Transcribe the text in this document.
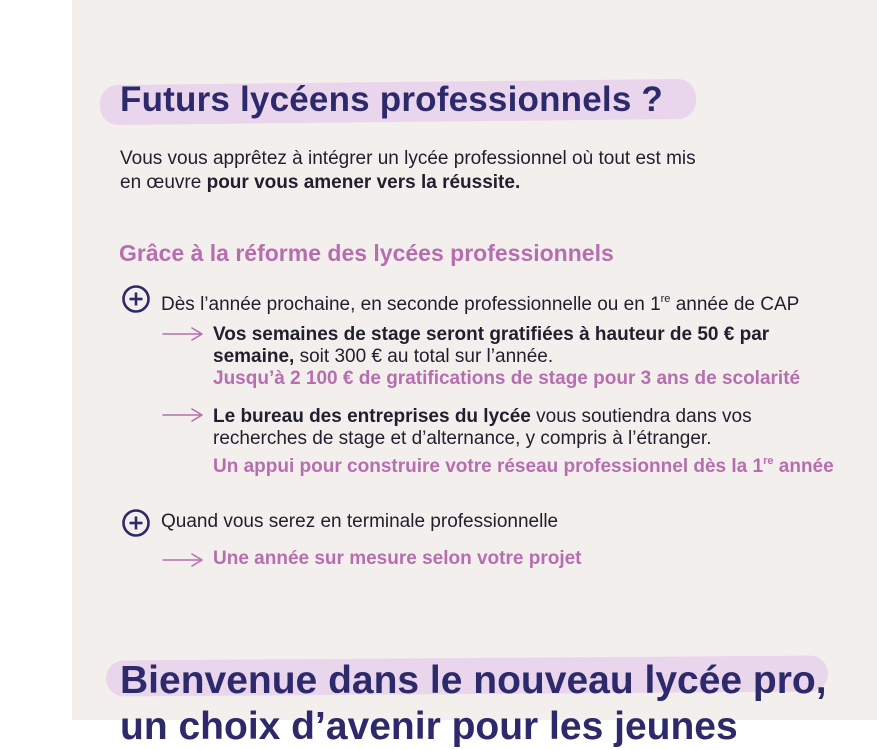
Futurs lycéens professionnels ?

Vous vous apprêtez à intégrer un lycée professionnel où tout est mis
en œuvre pour vous amener vers la réussite.

Grâce à la réforme des lycées professionnels
Dès l’année prochaine, en seconde professionnelle ou en 1re année de CAP
Vos semaines de stage seront gratifiées à hauteur de 50 € par semaine, soit 300 € au total sur l’année.
Jusqu’à 2 100 € de gratifications de stage pour 3 ans de scolarité
Le bureau des entreprises du lycée vous soutiendra dans vos recherches de stage et d’alternance, y compris à l’étranger.
Un appui pour construire votre réseau professionnel dès la 1re année
Quand vous serez en terminale professionnelle
Une année sur mesure selon votre projet
Bienvenue dans le nouveau lycée pro,
un choix d’avenir pour les jeunes
